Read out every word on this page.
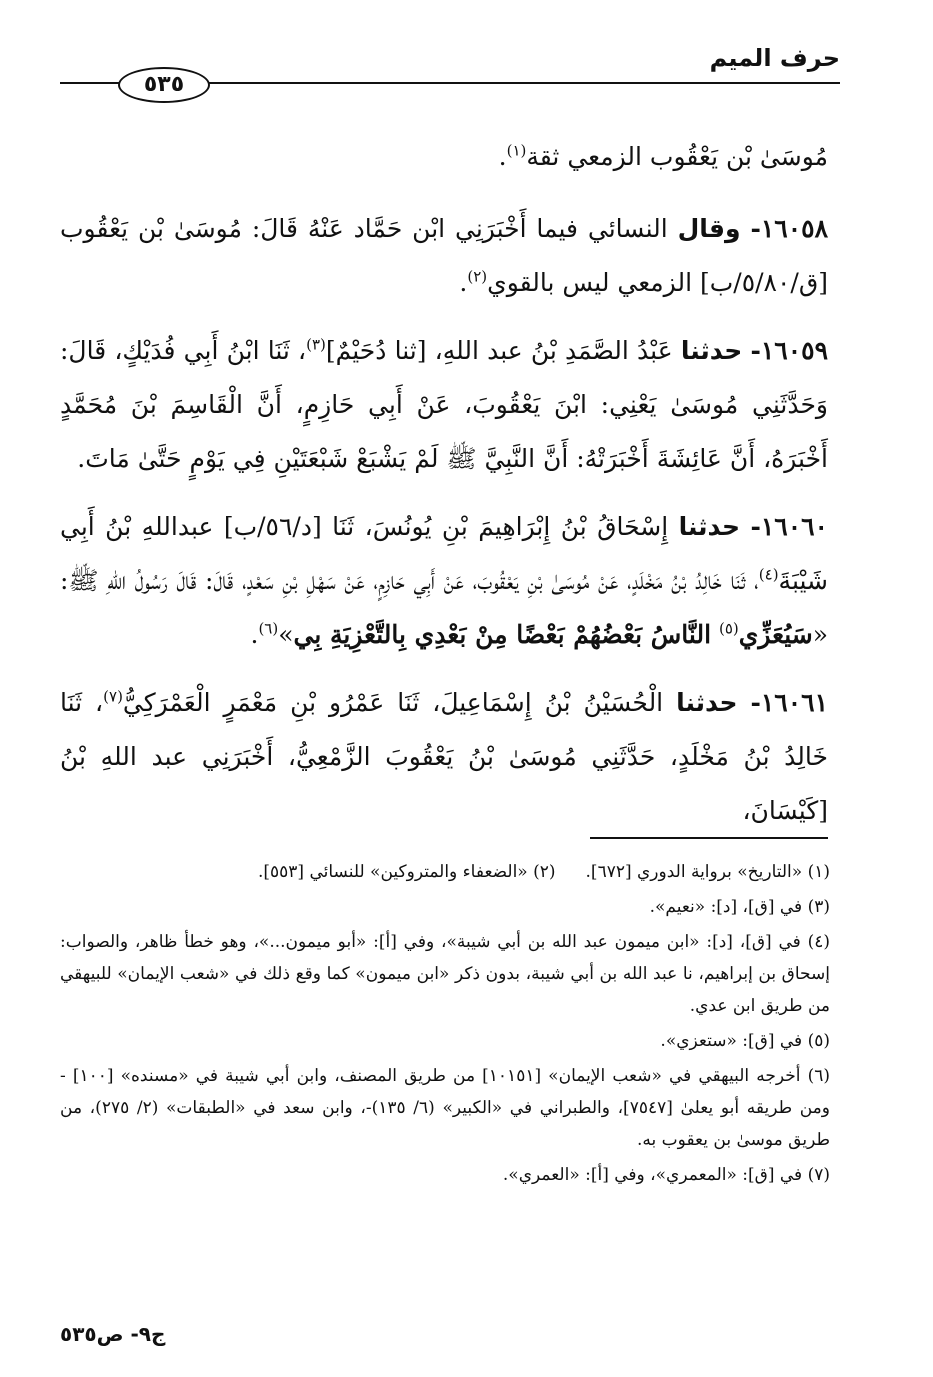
حرف الميم
٥٣٥

مُوسَىٰ بْن يَعْقُوب الزمعي ثقة$^{(١)}$.

١٦٠٥٨- وقال النسائي فيما أَخْبَرَنِي ابْن حَمَّاد عَنْهُ قَالَ: مُوسَىٰ بْن يَعْقُوب [ق/٥/٨٠/ب] الزمعي ليس بالقوي$^{(٢)}$.

١٦٠٥٩- حدثنا عَبْدُ الصَّمَدِ بْنُ عبد اللهِ، [ثنا دُحَيْمٌ]$^{(٣)}$، ثَنَا ابْنُ أَبِي فُدَيْكٍ، قَالَ: وَحَدَّثَنِي مُوسَىٰ يَعْنِي: ابْنَ يَعْقُوبَ، عَنْ أَبِي حَازِمٍ، أَنَّ الْقَاسِمَ بْنَ مُحَمَّدٍ أَخْبَرَهُ، أَنَّ عَائِشَةَ أَخْبَرَتْهُ: أَنَّ النَّبِيَّ ﷺ لَمْ يَشْبَعْ شَبْعَتَيْنِ فِي يَوْمٍ حَتَّىٰ مَاتَ.

١٦٠٦٠- حدثنا إِسْحَاقُ بْنُ إِبْرَاهِيمَ بْنِ يُونُسَ، ثَنَا [د/٥٦/ب] عبداللهِ بْنُ أَبِي شَيْبَةَ$^{(٤)}$، ثَنَا خَالِدُ بْنُ مَخْلَدٍ، عَنْ مُوسَىٰ بْنِ يَعْقُوبَ، عَنْ أَبِي حَازِمٍ، عَنْ سَهْلِ بْنِ سَعْدٍ، قَالَ: قَالَ رَسُولُ اللهِ ﷺ: «سَيُعَزِّي$^{(٥)}$ النَّاسُ بَعْضُهُمْ بَعْضًا مِنْ بَعْدِي بِالتَّعْزِيَةِ بِي»$^{(٦)}$.

١٦٠٦١- حدثنا الْحُسَيْنُ بْنُ إِسْمَاعِيلَ، ثَنَا عَمْرُو بْنِ مَعْمَرٍ الْعَمْرَكِيُّ$^{(٧)}$، ثَنَا خَالِدُ بْنُ مَخْلَدٍ، حَدَّثَنِي مُوسَىٰ بْنُ يَعْقُوبَ الزَّمْعِيُّ، أَخْبَرَنِي عبد اللهِ بْنُ [كَيْسَانَ،

(١) «التاريخ» برواية الدوري [٦٧٢].
(٢) «الضعفاء والمتروكين» للنسائي [٥٥٣].
(٣) في [ق]، [د]: «نعيم».
(٤) في [ق]، [د]: «ابن ميمون عبد الله بن أبي شيبة»، وفي [أ]: «أبو ميمون...»، وهو خطأ ظاهر، والصواب: إسحاق بن إبراهيم، نا عبد الله بن أبي شيبة، بدون ذكر «ابن ميمون» كما وقع ذلك في «شعب الإيمان» للبيهقي من طريق ابن عدي.
(٥) في [ق]: «ستعزي».
(٦) أخرجه البيهقي في «شعب الإيمان» [١٠١٥١] من طريق المصنف، وابن أبي شيبة في «مسنده» [١٠٠] - ومن طريقه أبو يعلىٰ [٧٥٤٧]، والطبراني في «الكبير» (٦/ ١٣٥)-، وابن سعد في «الطبقات» (٢/ ٢٧٥)، من طريق موسىٰ بن يعقوب به.
(٧) في [ق]: «المعمري»، وفي [أ]: «العمري».
ج٩- ص٥٣٥
